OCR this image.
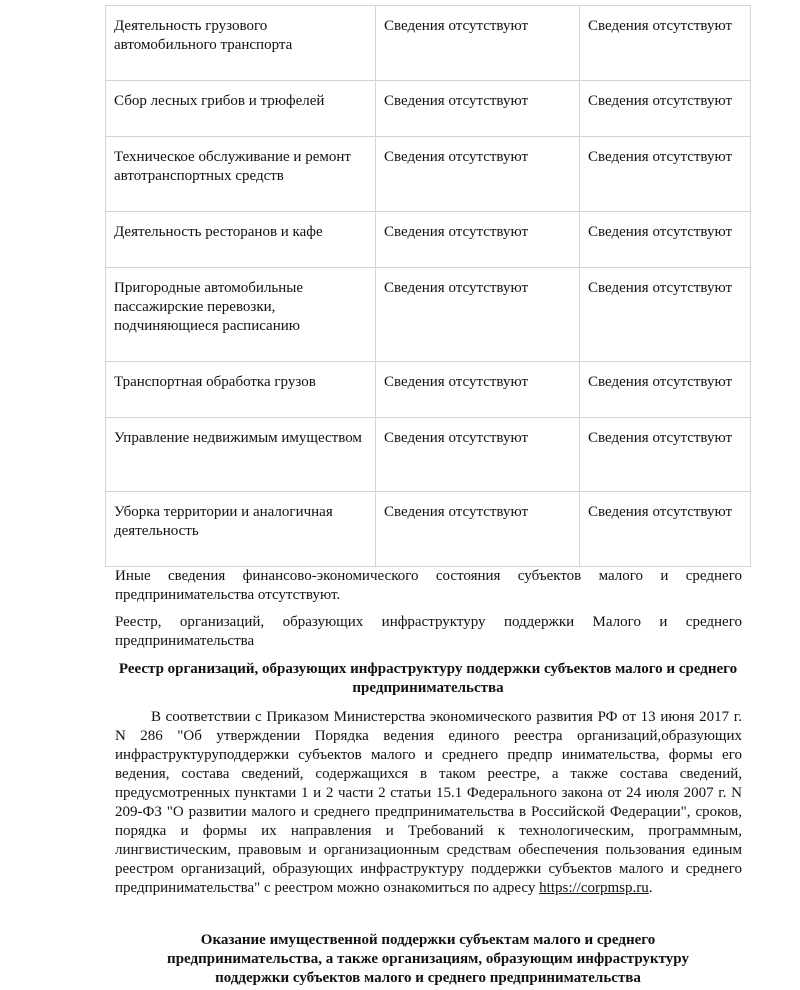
Деятельность грузового автомобильного транспорта	Сведения отсутствуют	Сведения отсутствуют
Сбор лесных грибов и трюфелей	Сведения отсутствуют	Сведения отсутствуют
Техническое обслуживание и ремонт автотранспортных средств	Сведения отсутствуют	Сведения отсутствуют
Деятельность ресторанов и кафе	Сведения отсутствуют	Сведения отсутствуют
Пригородные автомобильные пассажирские перевозки, подчиняющиеся расписанию	Сведения отсутствуют	Сведения отсутствуют
Транспортная обработка грузов	Сведения отсутствуют	Сведения отсутствуют
Управление недвижимым имуществом	Сведения отсутствуют	Сведения отсутствуют
Уборка территории и аналогичная деятельность	Сведения отсутствуют	Сведения отсутствуют

Иные сведения финансово-экономического состояния субъектов малого и среднего предпринимательства отсутствуют.

Реестр, организаций, образующих инфраструктуру поддержки Малого и среднего предпринимательства

Реестр организаций, образующих инфраструктуру поддержки субъектов малого и среднего предпринимательства

В соответствии с Приказом Министерства экономического развития РФ от 13 июня 2017 г. N 286 "Об утверждении Порядка ведения единого реестра организаций,образующих инфраструктуруподдержки субъектов малого и среднего предпр инимательства, формы его ведения, состава сведений, содержащихся в таком реестре, а также состава сведений, предусмотренных пунктами 1 и 2 части 2 статьи 15.1 Федерального закона от 24 июля 2007 г. N 209-ФЗ "О развитии малого и среднего предпринимательства в Российской Федерации", сроков, порядка и формы их направления и Требований к технологическим, программным, лингвистическим, правовым и организационным средствам обеспечения пользования единым реестром организаций, образующих инфраструктуру поддержки субъектов малого и среднего предпринимательства" с реестром можно ознакомиться по адресу https://corpmsp.ru.

Оказание имущественной поддержки субъектам малого и среднего предпринимательства, а также организациям, образующим инфраструктуру поддержки субъектов малого и среднего предпринимательства
